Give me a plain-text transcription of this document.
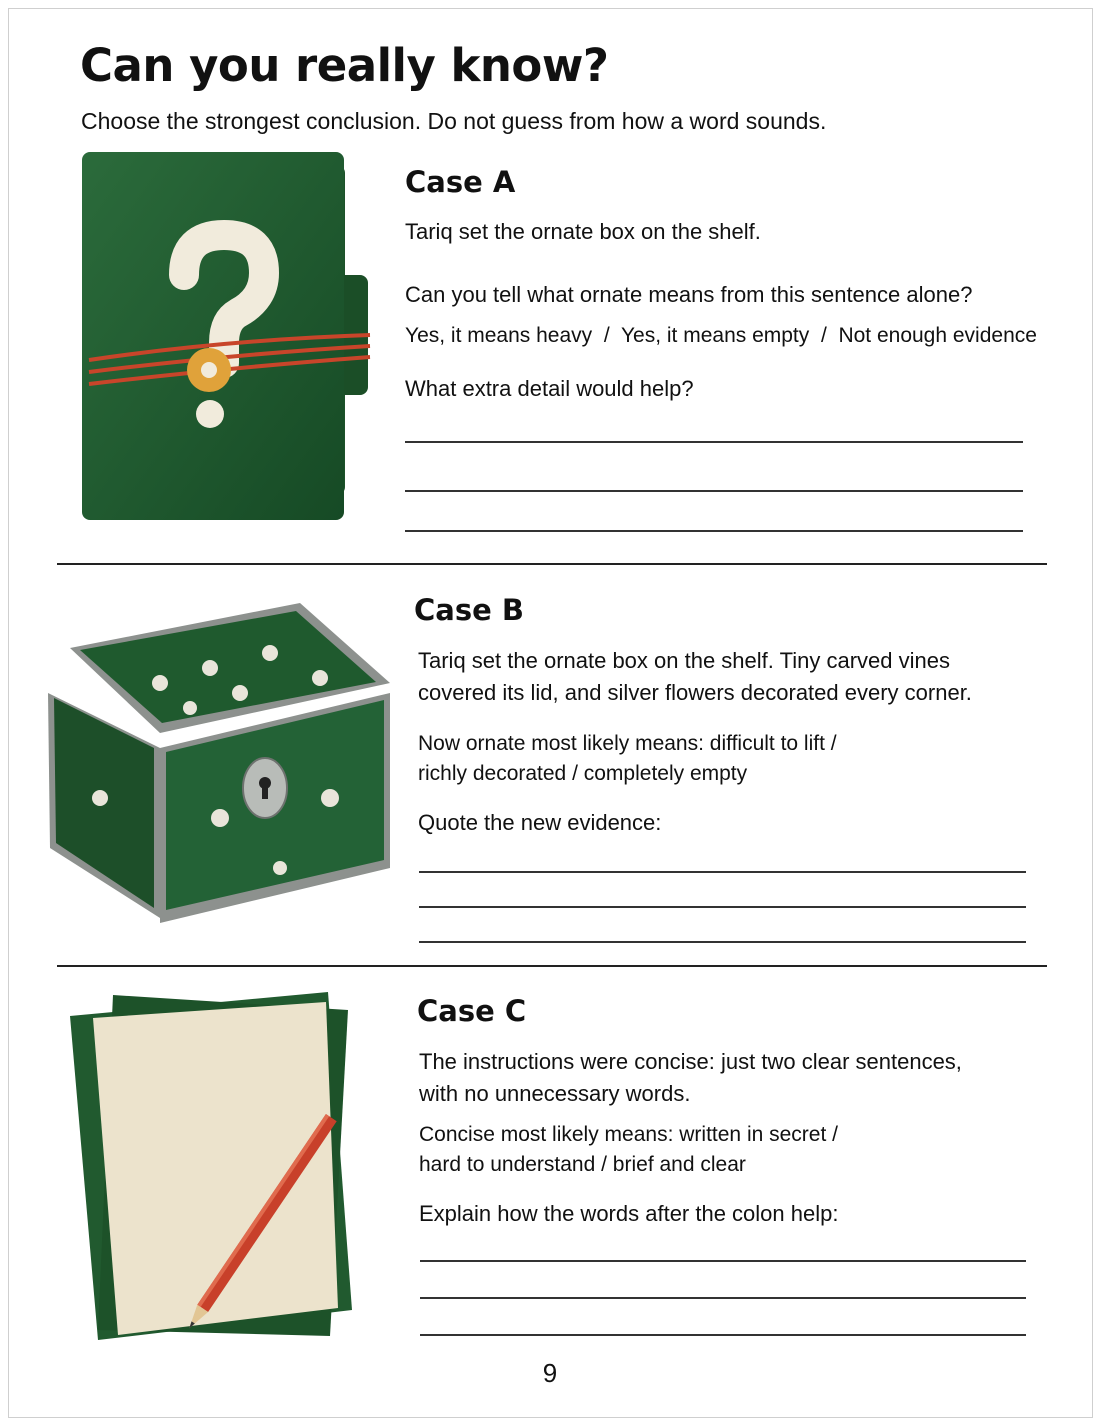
Can you really know?

Choose the strongest conclusion. Do not guess from how a word sounds.

Case A

Tariq set the ornate box on the shelf.

Can you tell what ornate means from this sentence alone?

Yes, it means heavy  /  Yes, it means empty  /  Not enough evidence

What extra detail would help?

Case B

Tariq set the ornate box on the shelf. Tiny carved vines covered its lid, and silver flowers decorated every corner.

Now ornate most likely means: difficult to lift / richly decorated / completely empty

Quote the new evidence:

Case C

The instructions were concise: just two clear sentences, with no unnecessary words.

Concise most likely means: written in secret / hard to understand / brief and clear

Explain how the words after the colon help:

9
